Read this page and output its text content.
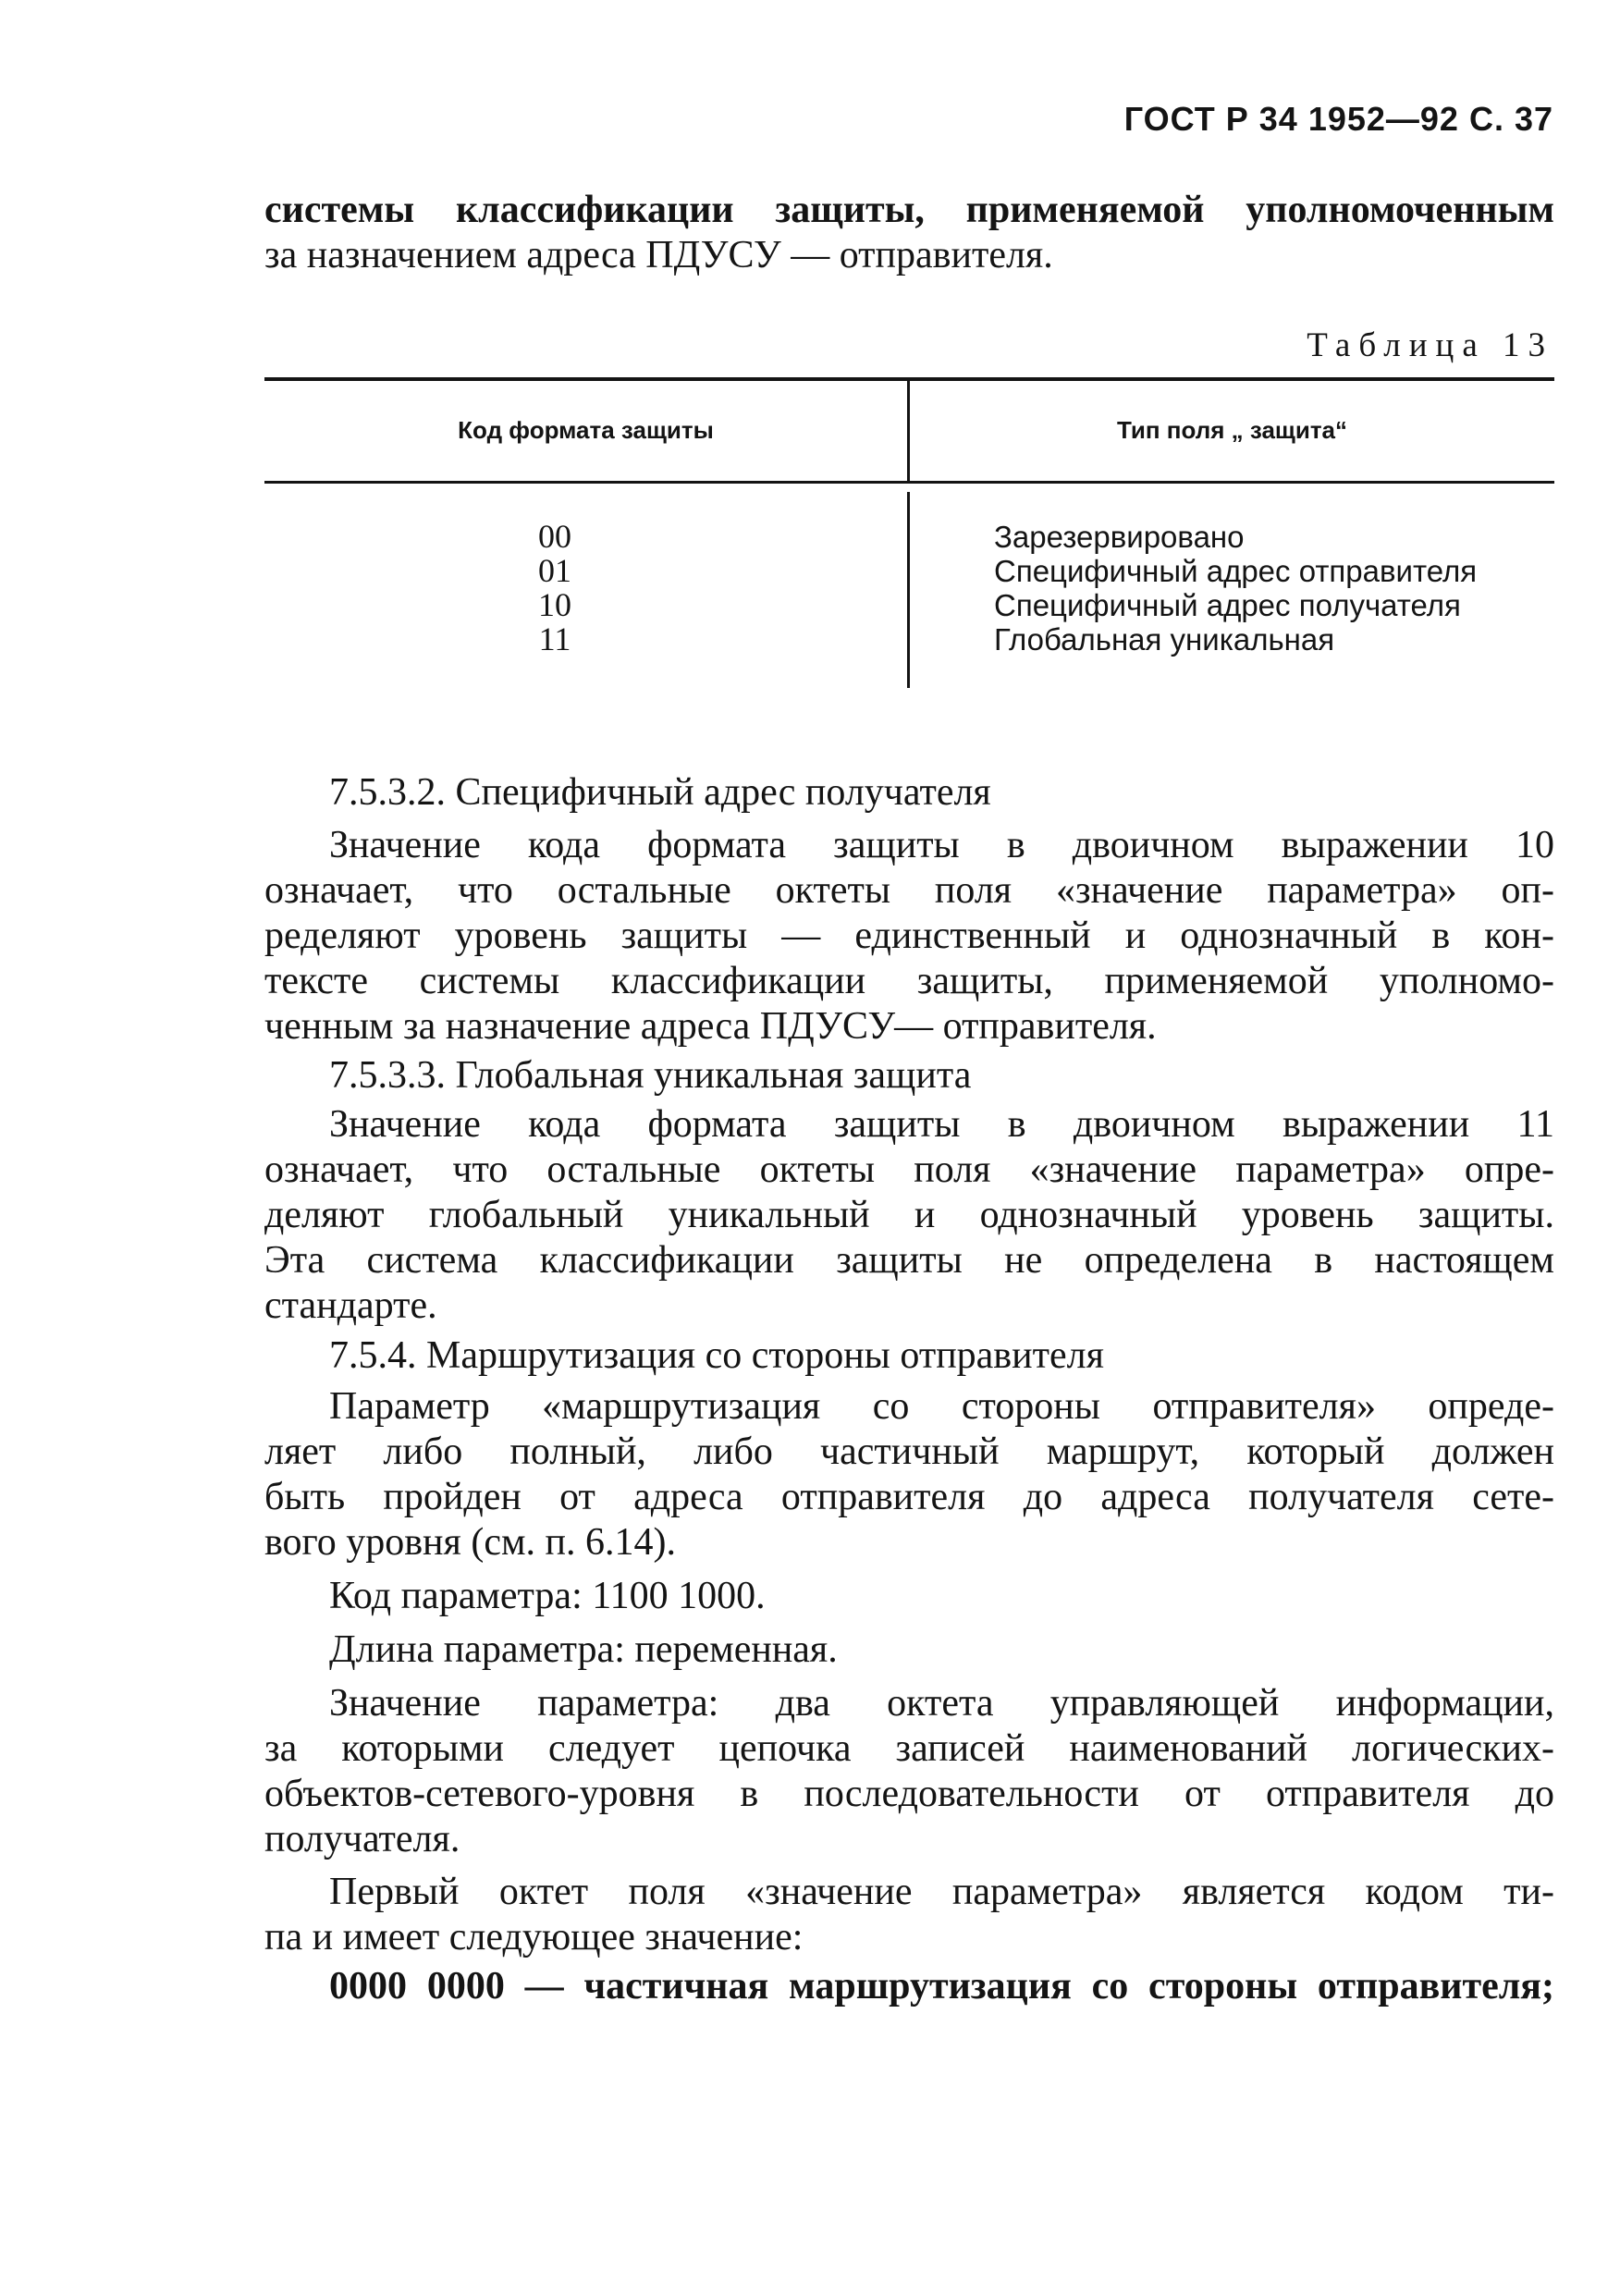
ГОСТ Р 34 1952—92 С. 37
системы классификации защиты, применяемой уполномоченным
за назначением адреса ПДУСУ — отправителя.
Таблица 13
Код формата защиты	Тип поля „ защита“
00	Зарезервировано
01	Специфичный адрес отправителя
10	Специфичный адрес получателя
11	Глобальная уникальная
7.5.3.2. Специфичный адрес получателя
Значение кода формата защиты в двоичном выражении 10
означает, что остальные октеты поля «значение параметра» оп-
ределяют уровень защиты — единственный и однозначный в кон-
тексте системы классификации защиты, применяемой уполномо-
ченным за назначение адреса ПДУСУ— отправителя.
7.5.3.3. Глобальная уникальная защита
Значение кода формата защиты в двоичном выражении 11
означает, что остальные октеты поля «значение параметра» опре-
деляют глобальный уникальный и однозначный уровень защиты.
Эта система классификации защиты не определена в настоящем
стандарте.
7.5.4. Маршрутизация со стороны отправителя
Параметр «маршрутизация со стороны отправителя» опреде-
ляет либо полный, либо частичный маршрут, который должен
быть пройден от адреса отправителя до адреса получателя сете-
вого уровня (см. п. 6.14).
Код параметра: 1100 1000.
Длина параметра: переменная.
Значение параметра: два октета управляющей информации,
за которыми следует цепочка записей наименований логических-
объектов-сетевого-уровня в последовательности от отправителя до
получателя.
Первый октет поля «значение параметра» является кодом ти-
па и имеет следующее значение:
0000 0000 — частичная маршрутизация со стороны отправителя;
